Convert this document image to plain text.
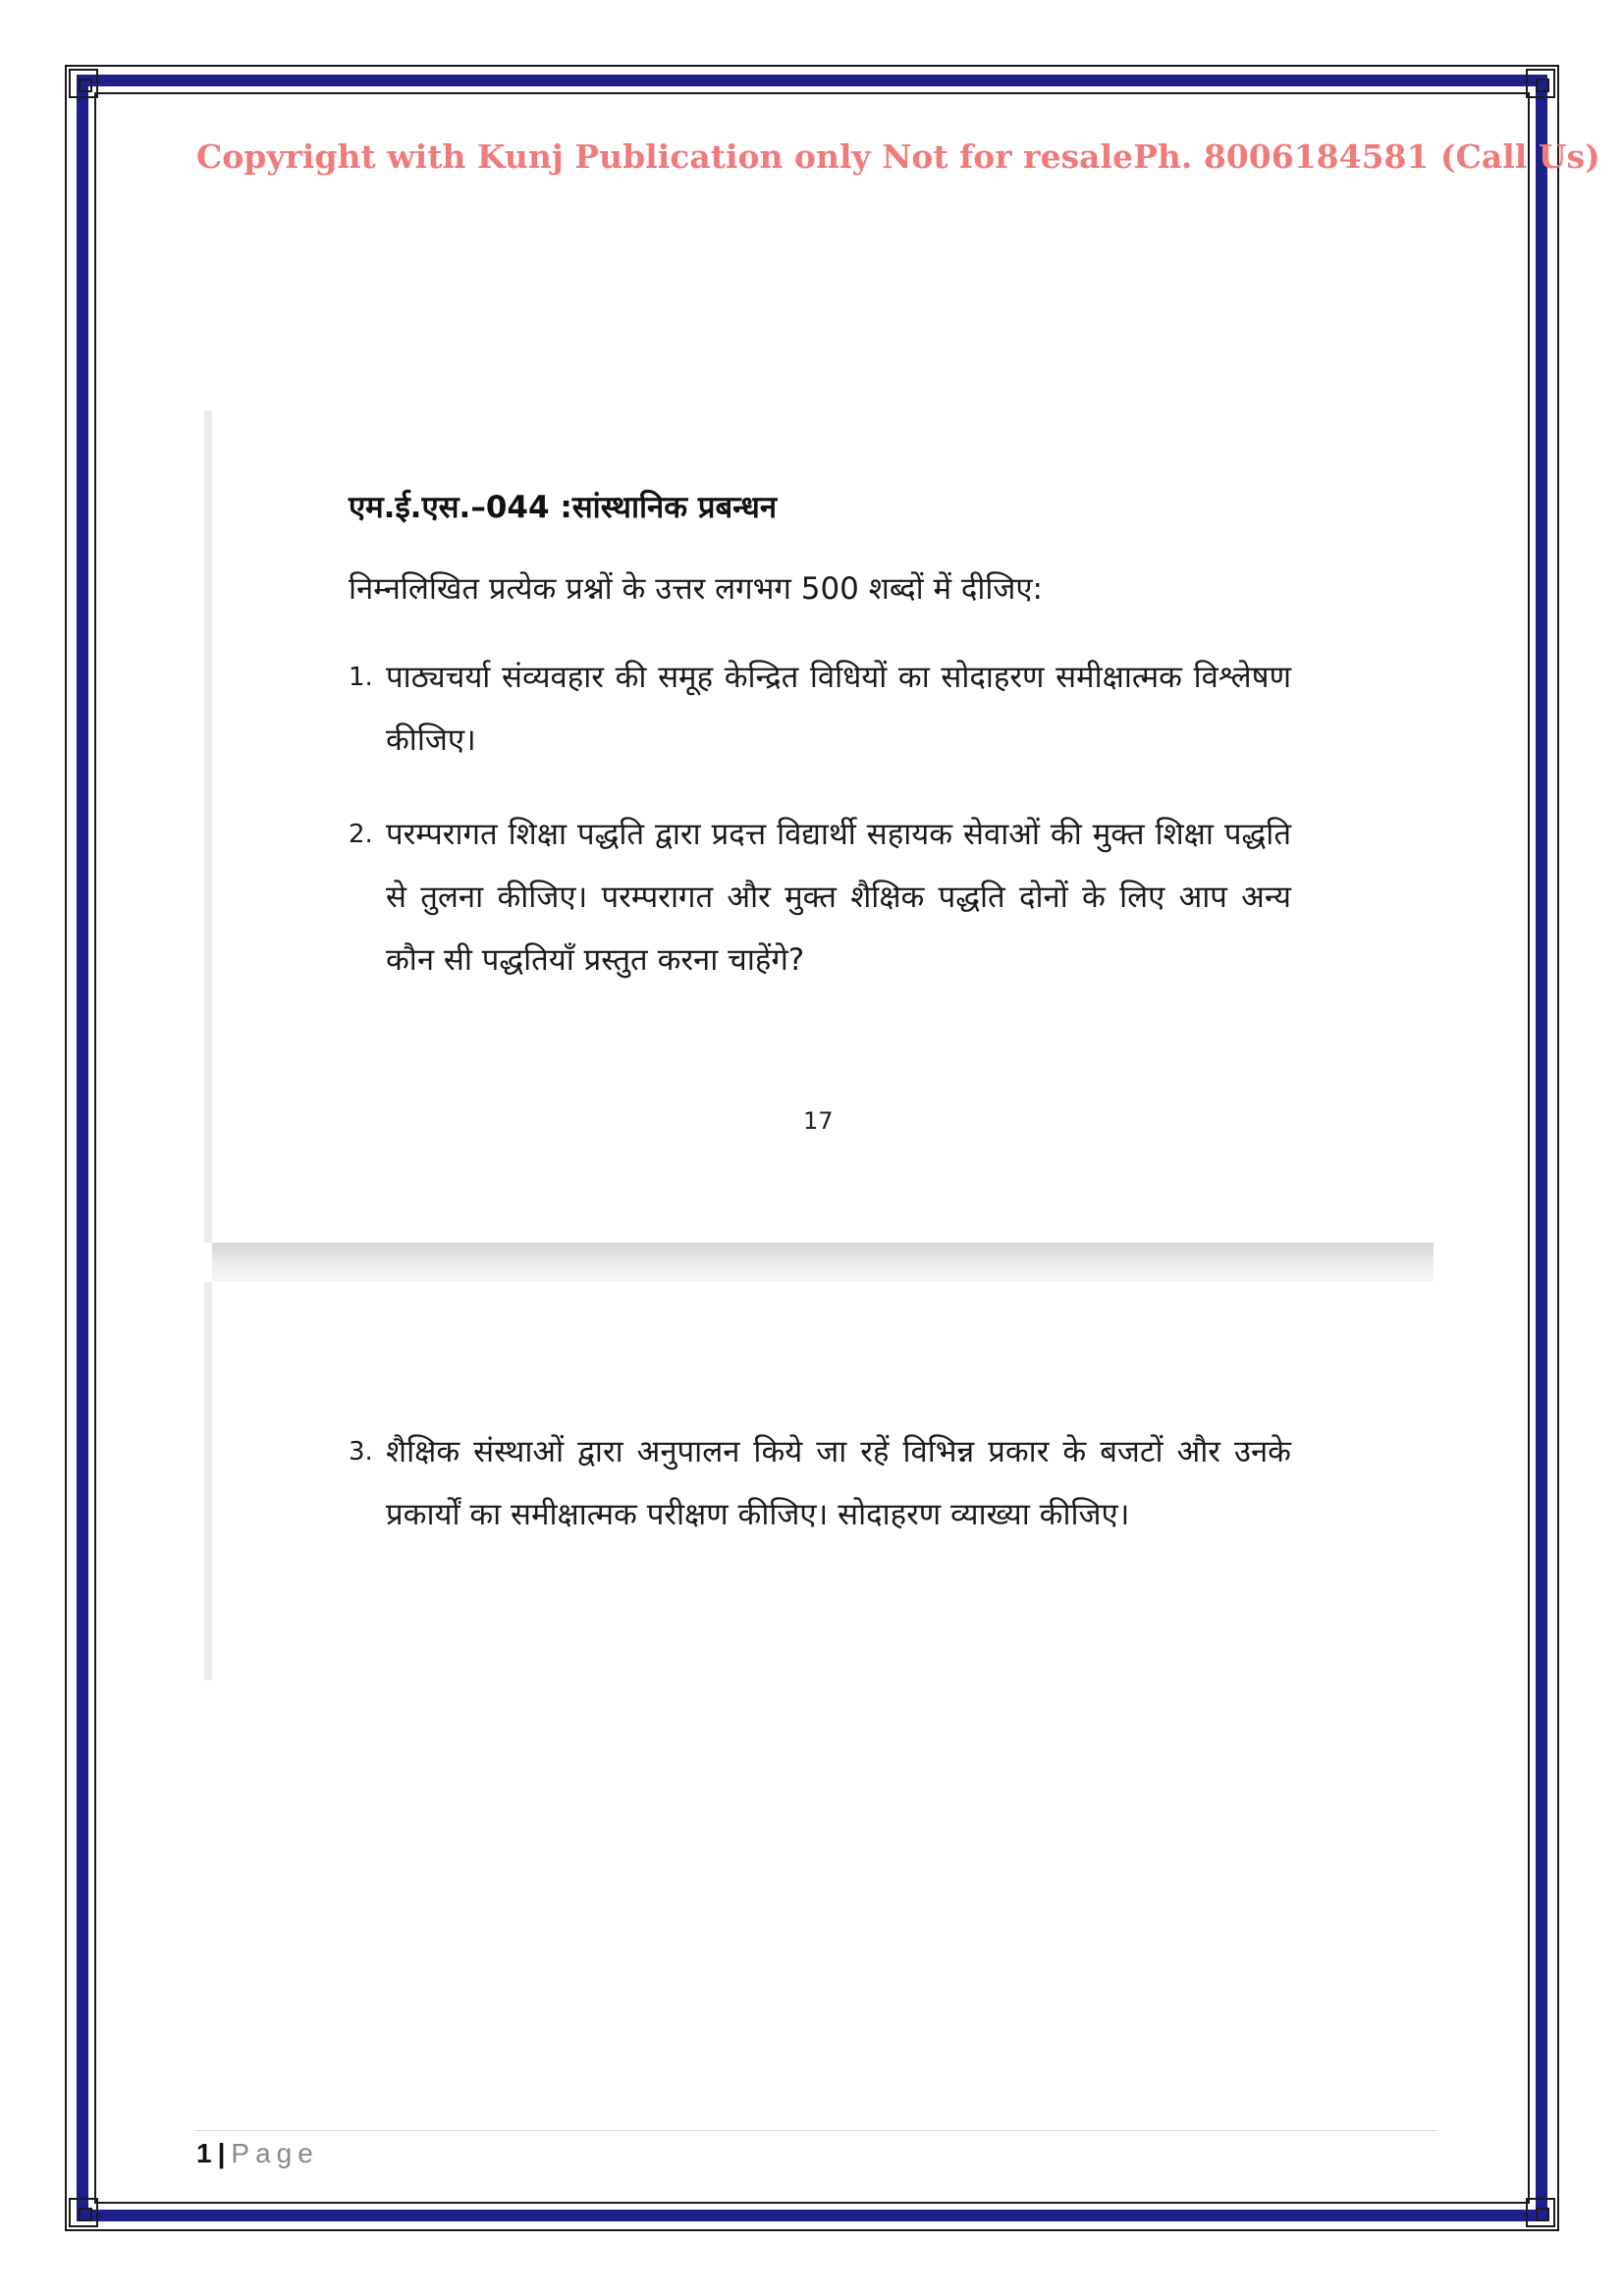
Copyright with Kunj Publication only Not for resale Ph. 8006184581 (Call Us)
एम.ई.एस.–044 :सांस्थानिक प्रबन्धन
निम्नलिखित प्रत्येक प्रश्नों के उत्तर लगभग 500 शब्दों में दीजिए:
1. पाठ्यचर्या संव्यवहार की समूह केन्द्रित विधियों का सोदाहरण समीक्षात्मक विश्लेषण कीजिए।
2. परम्परागत शिक्षा पद्धति द्वारा प्रदत्त विद्यार्थी सहायक सेवाओं की मुक्त शिक्षा पद्धति से तुलना कीजिए। परम्परागत और मुक्त शैक्षिक पद्धति दोनों के लिए आप अन्य कौन सी पद्धतियाँ प्रस्तुत करना चाहेंगे?
17
3. शैक्षिक संस्थाओं द्वारा अनुपालन किये जा रहें विभिन्न प्रकार के बजटों और उनके प्रकार्यों का समीक्षात्मक परीक्षण कीजिए। सोदाहरण व्याख्या कीजिए।
1 | Page
